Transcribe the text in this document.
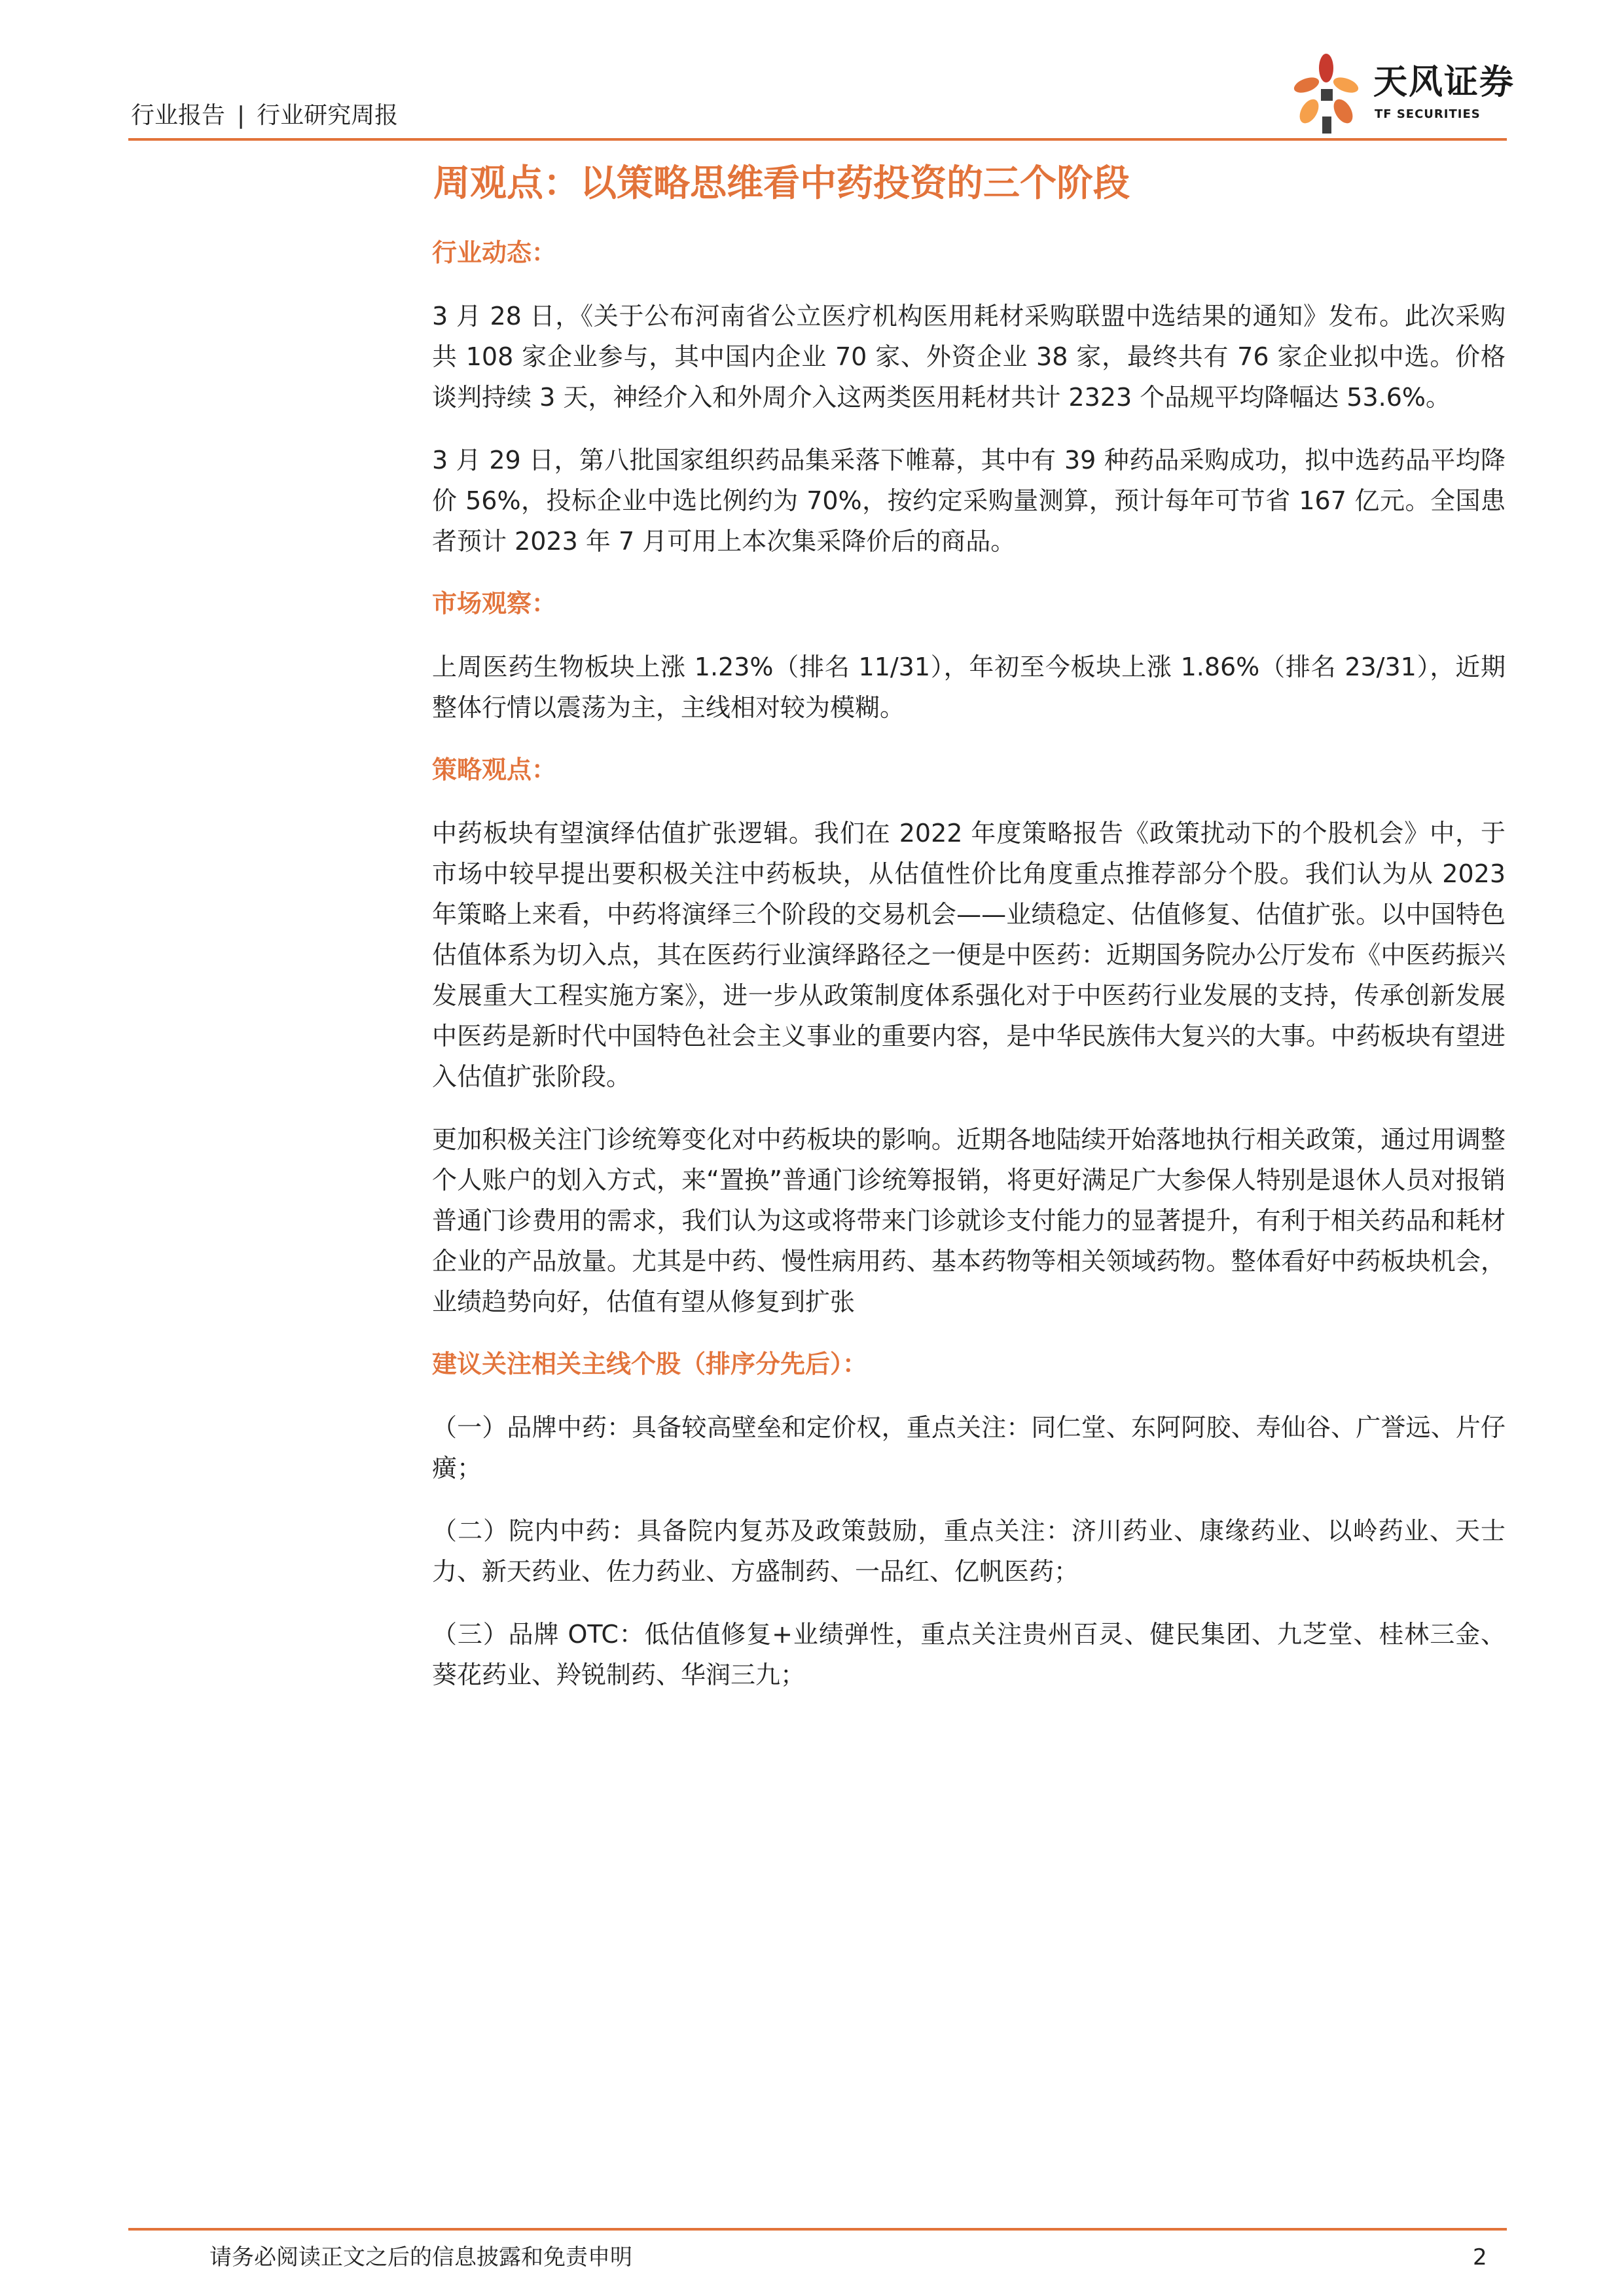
行业报告 | 行业研究周报
天风证券
TF SECURITIES
周观点：以策略思维看中药投资的三个阶段
行业动态：

3 月 28 日，《关于公布河南省公立医疗机构医用耗材采购联盟中选结果的通知》发布。此次采购共 108 家企业参与，其中国内企业 70 家、外资企业 38 家，最终共有 76 家企业拟中选。价格谈判持续 3 天，神经介入和外周介入这两类医用耗材共计 2323 个品规平均降幅达 53.6%。

3 月 29 日，第八批国家组织药品集采落下帷幕，其中有 39 种药品采购成功，拟中选药品平均降价 56%，投标企业中选比例约为 70%，按约定采购量测算，预计每年可节省 167 亿元。全国患者预计 2023 年 7 月可用上本次集采降价后的商品。

市场观察：

上周医药生物板块上涨 1.23%（排名 11/31），年初至今板块上涨 1.86%（排名 23/31），近期整体行情以震荡为主，主线相对较为模糊。

策略观点：

中药板块有望演绎估值扩张逻辑。我们在 2022 年度策略报告《政策扰动下的个股机会》中，于市场中较早提出要积极关注中药板块，从估值性价比角度重点推荐部分个股。我们认为从 2023 年策略上来看，中药将演绎三个阶段的交易机会——业绩稳定、估值修复、估值扩张。以中国特色估值体系为切入点，其在医药行业演绎路径之一便是中医药：近期国务院办公厅发布《中医药振兴发展重大工程实施方案》，进一步从政策制度体系强化对于中医药行业发展的支持，传承创新发展中医药是新时代中国特色社会主义事业的重要内容，是中华民族伟大复兴的大事。中药板块有望进入估值扩张阶段。

更加积极关注门诊统筹变化对中药板块的影响。近期各地陆续开始落地执行相关政策，通过用调整个人账户的划入方式，来“置换”普通门诊统筹报销，将更好满足广大参保人特别是退休人员对报销普通门诊费用的需求，我们认为这或将带来门诊就诊支付能力的显著提升，有利于相关药品和耗材企业的产品放量。尤其是中药、慢性病用药、基本药物等相关领域药物。整体看好中药板块机会，业绩趋势向好，估值有望从修复到扩张

建议关注相关主线个股（排序分先后）：

（一）品牌中药：具备较高壁垒和定价权，重点关注：同仁堂、东阿阿胶、寿仙谷、广誉远、片仔癀；

（二）院内中药：具备院内复苏及政策鼓励，重点关注：济川药业、康缘药业、以岭药业、天士力、新天药业、佐力药业、方盛制药、一品红、亿帆医药；

（三）品牌 OTC：低估值修复+业绩弹性，重点关注贵州百灵、健民集团、九芝堂、桂林三金、葵花药业、羚锐制药、华润三九；

请务必阅读正文之后的信息披露和免责申明	2
